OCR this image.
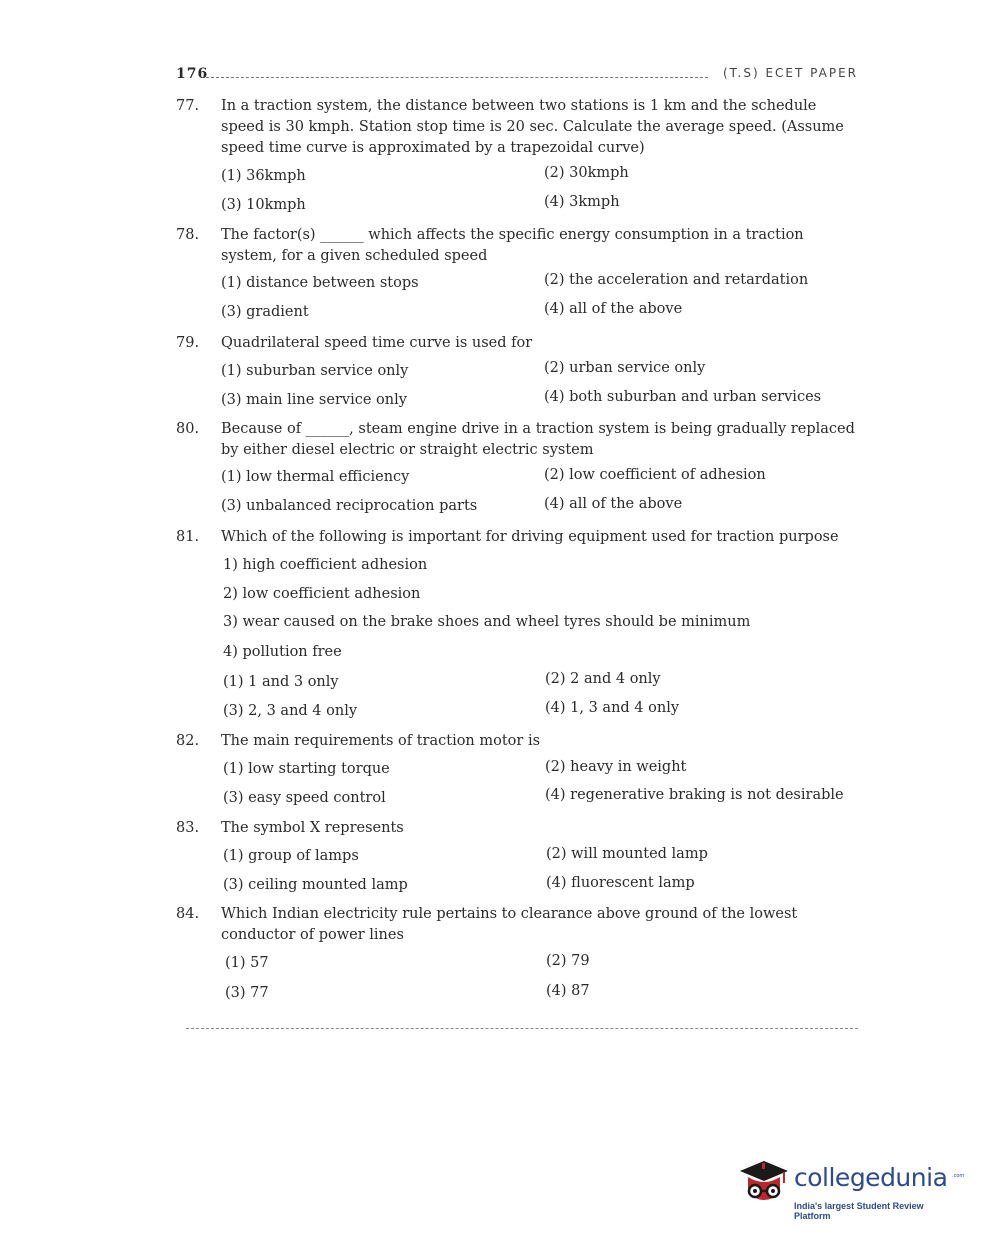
176	(T.S) ECET PAPER
77.	In a traction system, the distance between two stations is 1 km and the schedule speed is 30 kmph. Station stop time is 20 sec. Calculate the average speed. (Assume speed time curve is approximated by a trapezoidal curve)
(1) 36kmph	(2) 30kmph
(3) 10kmph	(4) 3kmph
78.	The factor(s) ______ which affects the specific energy consumption in a traction system, for a given scheduled speed
(1) distance between stops	(2) the acceleration and retardation
(3) gradient	(4) all of the above
79.	Quadrilateral speed time curve is used for
(1) suburban service only	(2) urban service only
(3) main line service only	(4) both suburban and urban services
80.	Because of ______, steam engine drive in a traction system is being gradually replaced by either diesel electric or straight electric system
(1) low thermal efficiency	(2) low coefficient of adhesion
(3) unbalanced reciprocation parts	(4) all of the above
81.	Which of the following is important for driving equipment used for traction purpose
1) high coefficient adhesion
2) low coefficient adhesion
3) wear caused on the brake shoes and wheel tyres should be minimum
4) pollution free
(1) 1 and 3 only	(2) 2 and 4 only
(3) 2, 3 and 4 only	(4) 1, 3 and 4 only
82.	The main requirements of traction motor is
(1) low starting torque	(2) heavy in weight
(3) easy speed control	(4) regenerative braking is not desirable
83.	The symbol X represents
(1) group of lamps	(2) will mounted lamp
(3) ceiling mounted lamp	(4) fluorescent lamp
84.	Which Indian electricity rule pertains to clearance above ground of the lowest conductor of power lines
(1) 57	(2) 79
(3) 77	(4) 87
collegedunia .com
India's largest Student Review Platform
